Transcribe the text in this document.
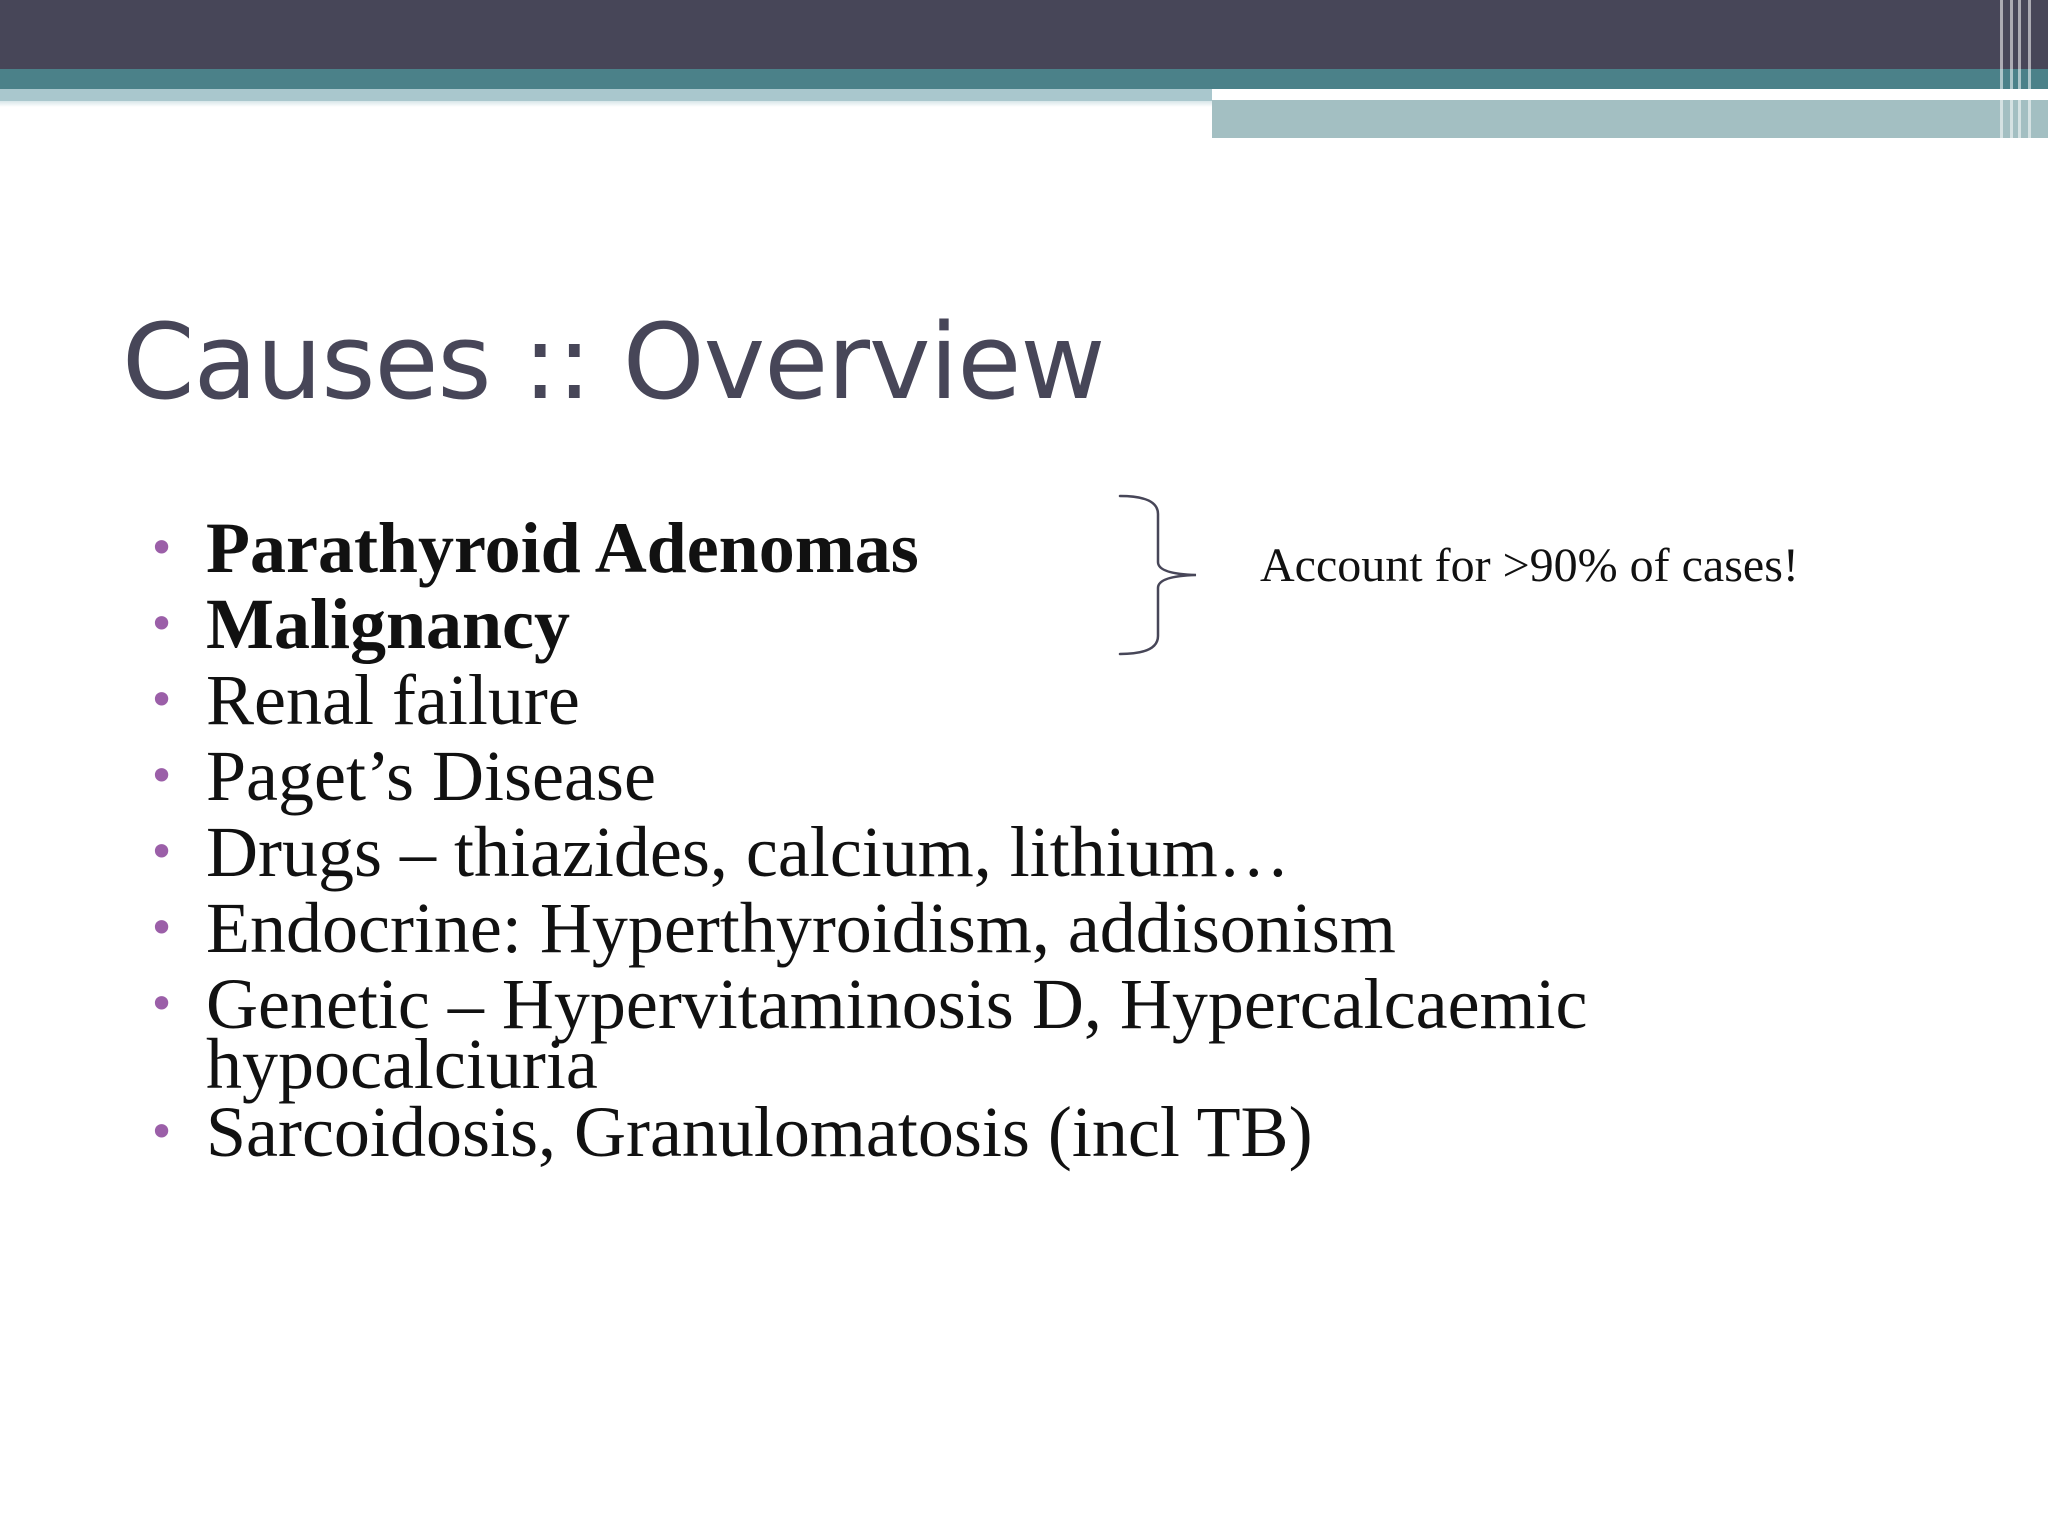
Causes :: Overview
• Parathyroid Adenomas
• Malignancy
• Renal failure
• Paget’s Disease
• Drugs – thiazides, calcium, lithium…
• Endocrine: Hyperthyroidism, addisonism
• Genetic – Hypervitaminosis D, Hypercalcaemic
hypocalciuria
• Sarcoidosis, Granulomatosis (incl TB)
Account for >90% of cases!
